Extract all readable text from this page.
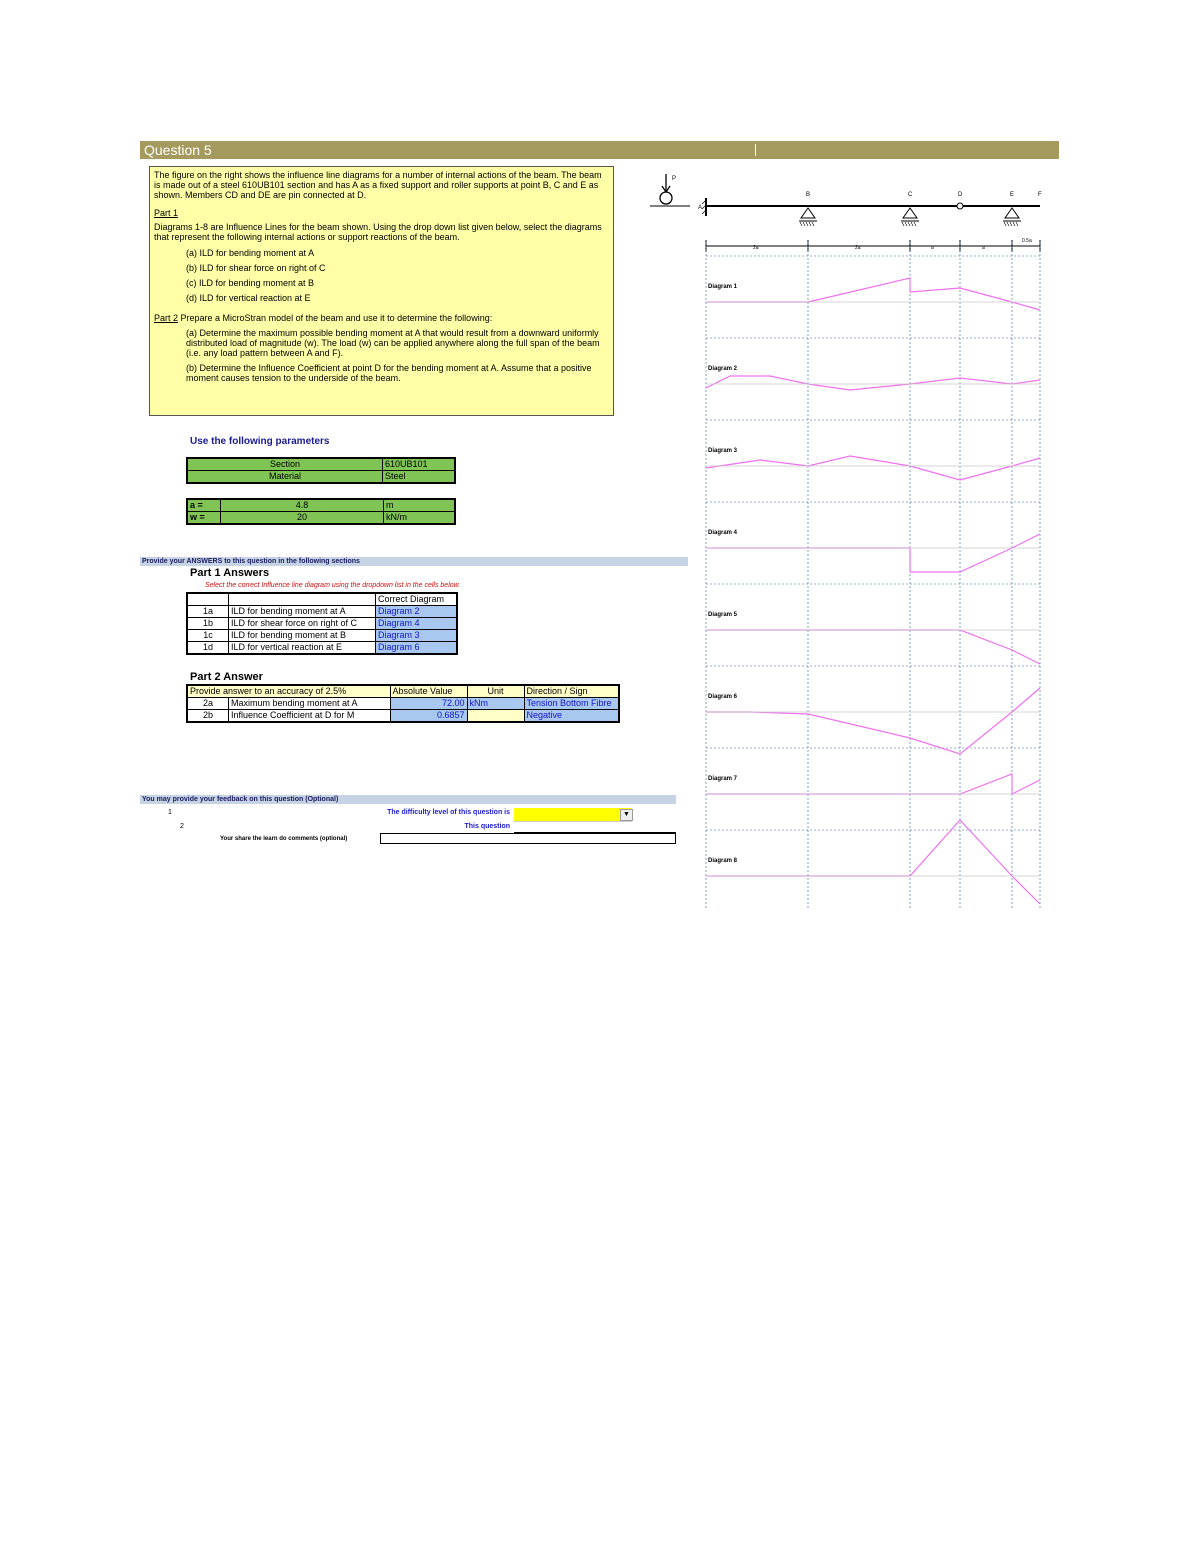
Question 5

The figure on the right shows the influence line diagrams for a number of internal actions of the beam. The beam is made out of a steel 610UB101 section and has A as a fixed support and roller supports at point B, C and E as shown. Members CD and DE are pin connected at D.

Part 1

Diagrams 1-8 are Influence Lines for the beam shown. Using the drop down list given below, select the diagrams that represent the following internal actions or support reactions of the beam.

(a) ILD for bending moment at A
(b) ILD for shear force on right of C
(c) ILD for bending moment at B
(d) ILD for vertical reaction at E
Part 2 Prepare a MicroStran model of the beam and use it to determine the following:
(a) Determine the maximum possible bending moment at A that would result from a downward uniformly distributed load of magnitude (w). The load (w) can be applied anywhere along the full span of the beam (i.e. any load pattern between A and F).
(b) Determine the Influence Coefficient at point D for the bending moment at A. Assume that a positive moment causes tension to the underside of the beam.
Use the following parameters
Section	610UB101
Material	Steel
a =	4.8	m
w =	20	kN/m
Provide your ANSWERS to this question in the following sections
Part 1 Answers
Select the correct Influence line diagram using the dropdown list in the cells below.
		Correct Diagram
1a	ILD for bending moment at A	Diagram 2
1b	ILD for shear force on right of C	Diagram 4
1c	ILD for bending moment at B	Diagram 3
1d	ILD for vertical reaction at E	Diagram 6
Part 2 Answer
Provide answer to an accuracy of 2.5%		Absolute Value	Unit	Direction / Sign
2a	Maximum bending moment at A	72.00	kNm	Tension Bottom Fibre
2b	Influence Coefficient at D for M	0.6857		Negative
You may provide your feedback on this question (Optional)
1	The difficulty level of this question is	▼
2	This question
Your share the learn do comments (optional)
P
A
B	C	D	E	F
2a	2a	a	a
0.5a
Diagram 1
Diagram 2
Diagram 3
Diagram 4
Diagram 5
Diagram 6
Diagram 7
Diagram 8
